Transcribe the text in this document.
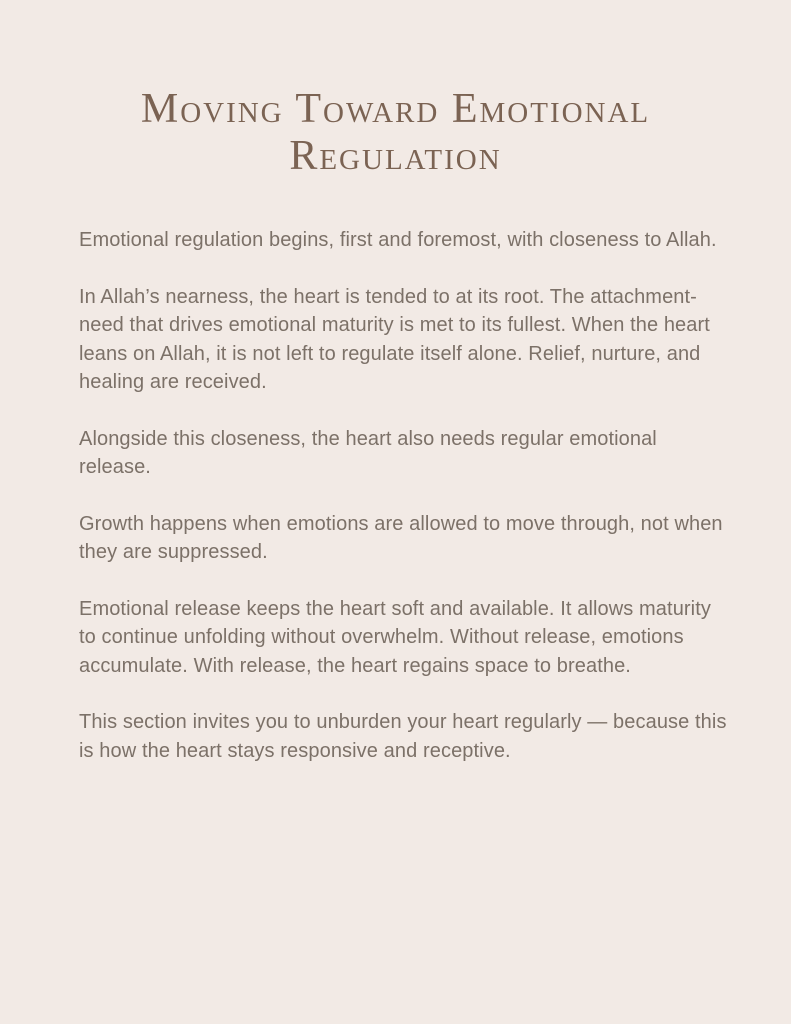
Moving Toward Emotional
Regulation

Emotional regulation begins, first and foremost, with closeness to Allah.

In Allah’s nearness, the heart is tended to at its root. The attachment-need that drives emotional maturity is met to its fullest. When the heart leans on Allah, it is not left to regulate itself alone. Relief, nurture, and healing are received.

Alongside this closeness, the heart also needs regular emotional release.

Growth happens when emotions are allowed to move through, not when they are suppressed.

Emotional release keeps the heart soft and available. It allows maturity to continue unfolding without overwhelm. Without release, emotions accumulate. With release, the heart regains space to breathe.

This section invites you to unburden your heart regularly — because this is how the heart stays responsive and receptive.
